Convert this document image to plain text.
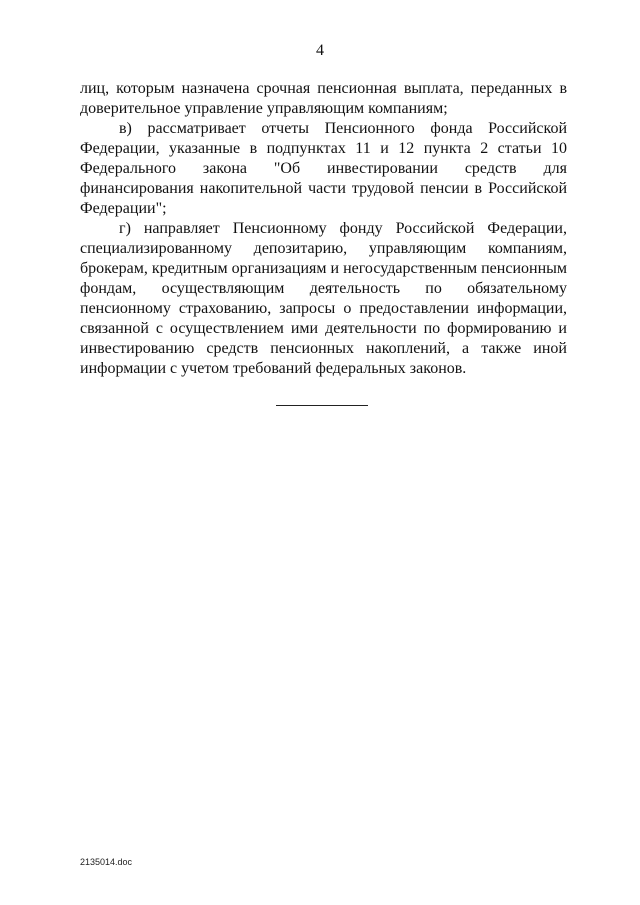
4

лиц, которым назначена срочная пенсионная выплата, переданных в доверительное управление управляющим компаниям;

в) рассматривает отчеты Пенсионного фонда Российской Федерации, указанные в подпунктах 11 и 12 пункта 2 статьи 10 Федерального закона "Об инвестировании средств для финансирования накопительной части трудовой пенсии в Российской Федерации";

г) направляет Пенсионному фонду Российской Федерации, специализированному депозитарию, управляющим компаниям, брокерам, кредитным организациям и негосударственным пенсионным фондам, осуществляющим деятельность по обязательному пенсионному страхованию, запросы о предоставлении информации, связанной с осуществлением ими деятельности по формированию и инвестированию средств пенсионных накоплений, а также иной информации с учетом требований федеральных законов.

2135014.doc
